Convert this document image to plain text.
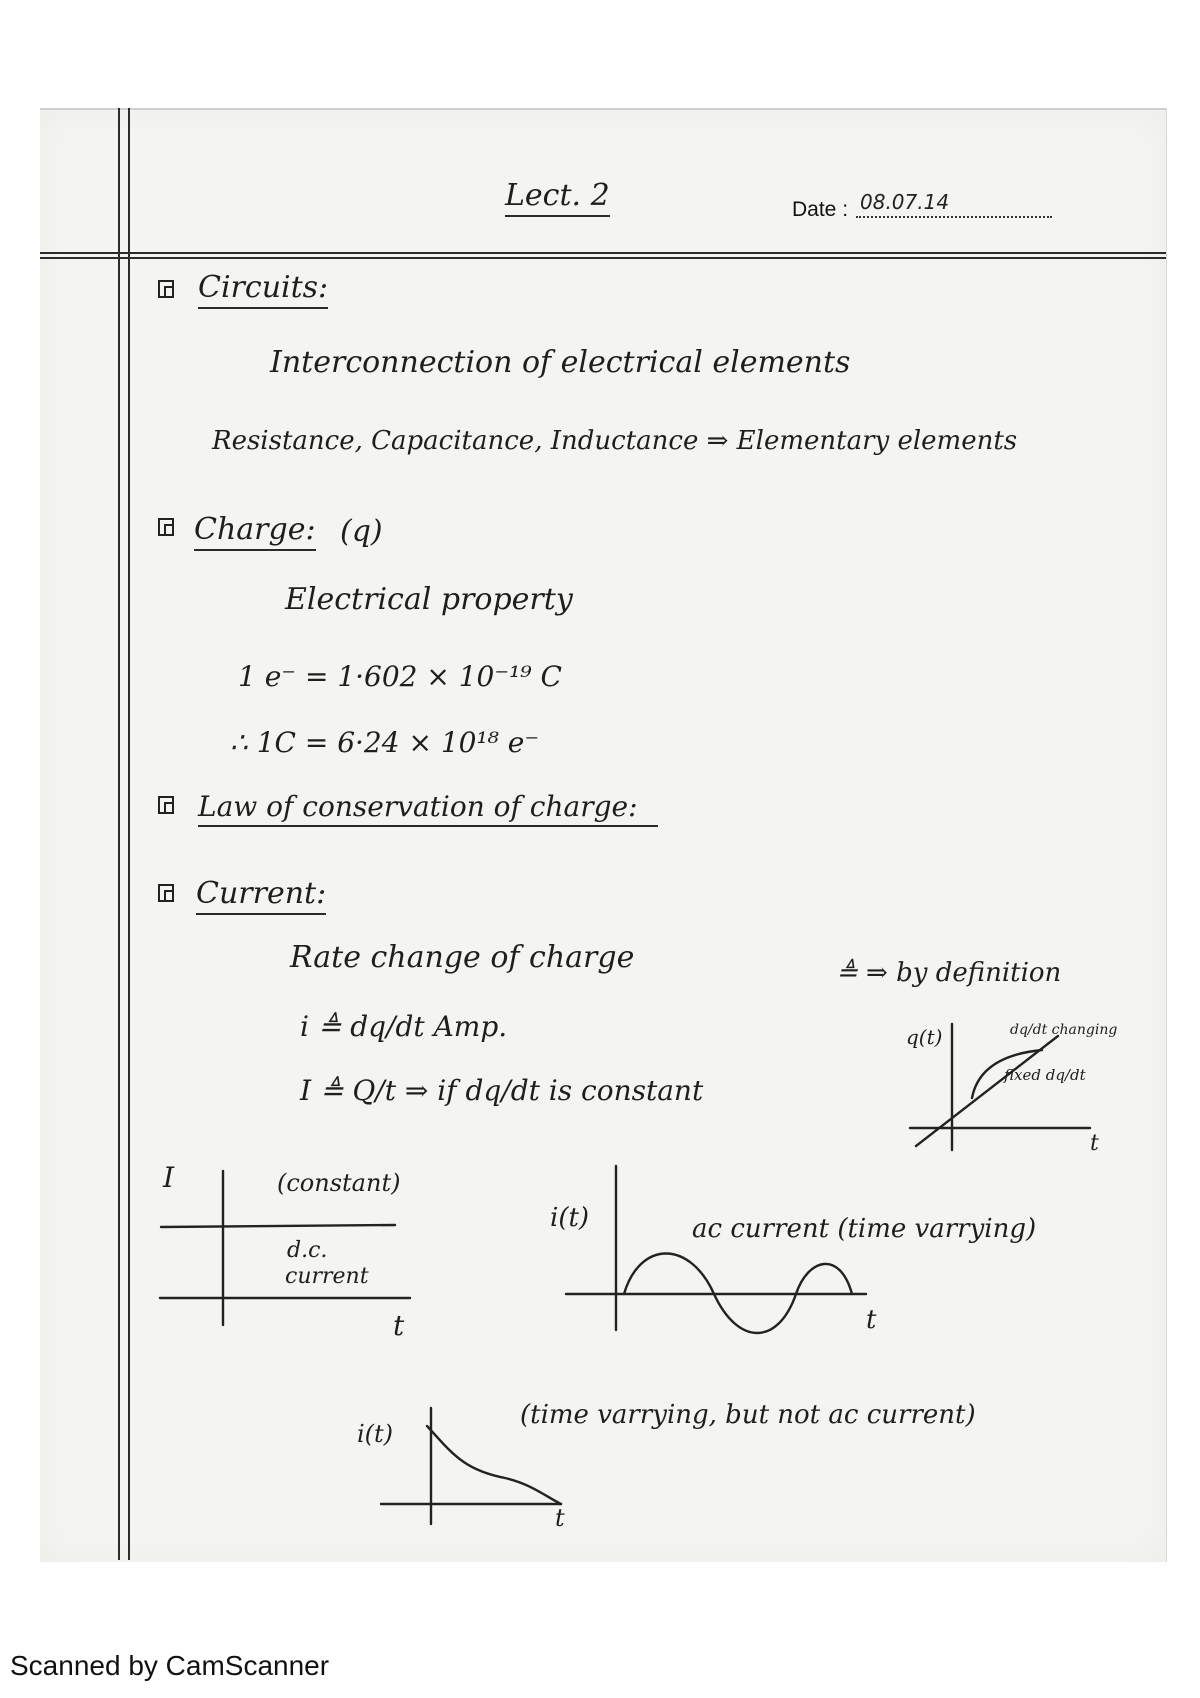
Lect. 2	Date : 08.07.14
Circuits:
Interconnection of electrical elements
Resistance, Capacitance, Inductance ⇒ Elementary elements
Charge: (q)
Electrical property
1 e⁻ = 1·602 × 10⁻¹⁹ C
∴ 1C = 6·24 × 10¹⁸ e⁻
Law of conservation of charge:
Current:
Rate change of charge	≜ ⇒ by definition
i ≜ dq/dt Amp.
I ≜ Q/t ⇒ if dq/dt is constant
q(t)
t
dq/dt changing
fixed dq/dt
I
t
(constant)
d.c.
current
i(t)
t
ac current (time varrying)
i(t)
t
(time varrying, but not ac current)
Scanned by CamScanner
